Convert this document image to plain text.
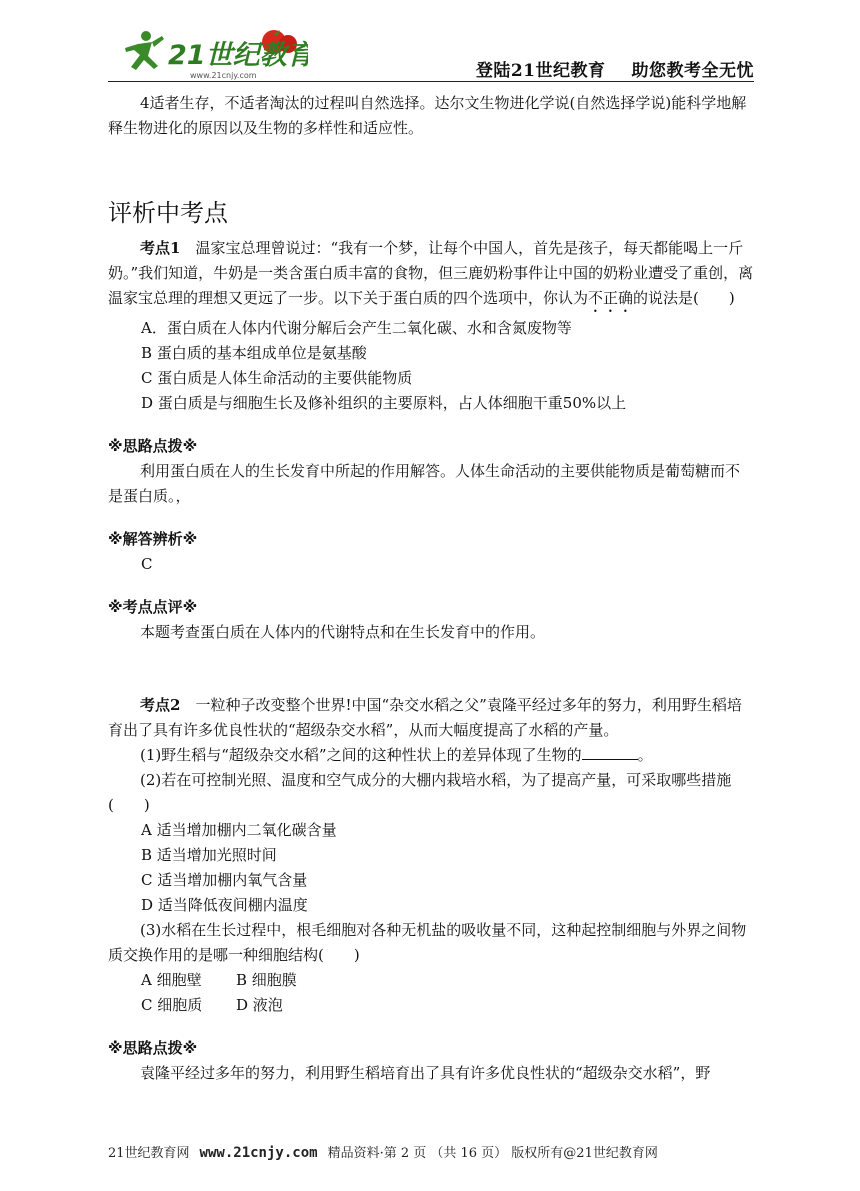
21世纪教育
www.21cnjy.com	登陆21世纪教育 助您教考全无忧

4适者生存，不适者淘汰的过程叫自然选择。达尔文生物进化学说(自然选择学说)能科学地解释生物进化的原因以及生物的多样性和适应性。

评析中考点

考点1　 温家宝总理曾说过：“我有一个梦，让每个中国人，首先是孩子，每天都能喝上一斤奶。”我们知道，牛奶是一类含蛋白质丰富的食物，但三鹿奶粉事件让中国的奶粉业遭受了重创，离温家宝总理的理想又更远了一步。以下关于蛋白质的四个选项中，你认为不正确的说法是(　　)

A．蛋白质在人体内代谢分解后会产生二氧化碳、水和含氮废物等

B 蛋白质的基本组成单位是氨基酸

C 蛋白质是人体生命活动的主要供能物质

D 蛋白质是与细胞生长及修补组织的主要原料，占人体细胞干重50%以上

※思路点拨※

利用蛋白质在人的生长发育中所起的作用解答。人体生命活动的主要供能物质是葡萄糖而不是蛋白质。，

※解答辨析※

C

※考点点评※

本题考查蛋白质在人体内的代谢特点和在生长发育中的作用。

考点2　 一粒种子改变整个世界!中国“杂交水稻之父”袁隆平经过多年的努力，利用野生稻培育出了具有许多优良性状的“超级杂交水稻”，从而大幅度提高了水稻的产量。

(1)野生稻与“超级杂交水稻”之间的这种性状上的差异体现了生物的	。

(2)若在可控制光照、温度和空气成分的大棚内栽培水稻，为了提高产量，可采取哪些措施(　　)

A 适当增加棚内二氧化碳含量

B 适当增加光照时间

C 适当增加棚内氧气含量

D 适当降低夜间棚内温度

(3)水稻在生长过程中，根毛细胞对各种无机盐的吸收量不同，这种起控制细胞与外界之间物质交换作用的是哪一种细胞结构(　　)

A 细胞壁 B 细胞膜

C 细胞质 D 液泡

※思路点拨※

袁隆平经过多年的努力，利用野生稻培育出了具有许多优良性状的“超级杂交水稻”，野

21世纪教育网 www.21cnjy.com 精品资料·第 2 页 （共 16 页） 版权所有@21世纪教育网
